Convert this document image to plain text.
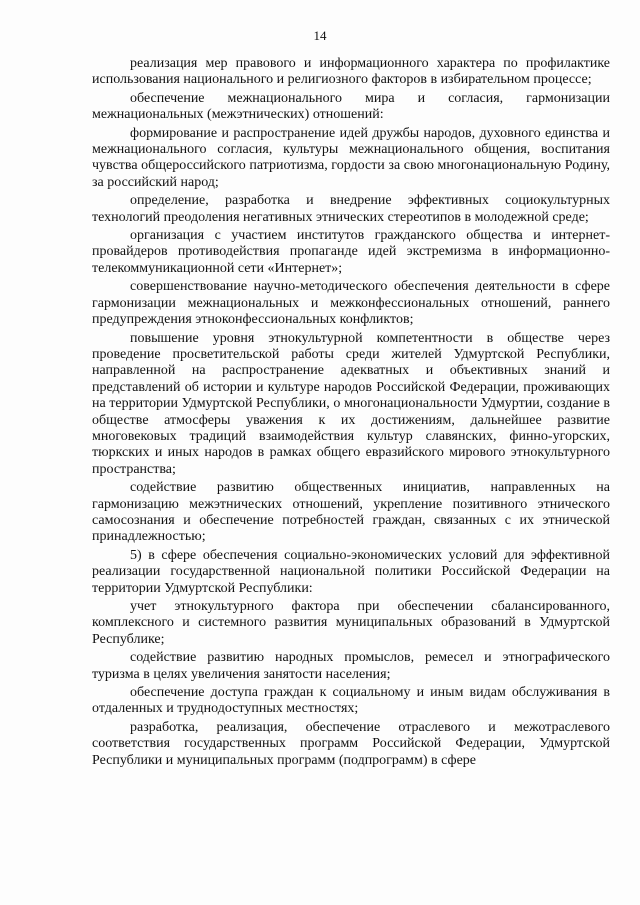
14

реализация мер правового и информационного характера по профилактике использования национального и религиозного факторов в избирательном процессе;

обеспечение межнационального мира и согласия, гармонизации межнациональных (межэтнических) отношений:

формирование и распространение идей дружбы народов, духовного единства и межнационального согласия, культуры межнационального общения, воспитания чувства общероссийского патриотизма, гордости за свою многонациональную Родину, за российский народ;

определение, разработка и внедрение эффективных социокультурных технологий преодоления негативных этнических стереотипов в молодежной среде;

организация с участием институтов гражданского общества и интернет-провайдеров противодействия пропаганде идей экстремизма в информационно-телекоммуникационной сети «Интернет»;

совершенствование научно-методического обеспечения деятельности в сфере гармонизации межнациональных и межконфессиональных отношений, раннего предупреждения этноконфессиональных конфликтов;

повышение уровня этнокультурной компетентности в обществе через проведение просветительской работы среди жителей Удмуртской Республики, направленной на распространение адекватных и объективных знаний и представлений об истории и культуре народов Российской Федерации, проживающих на территории Удмуртской Республики, о многонациональности Удмуртии, создание в обществе атмосферы уважения к их достижениям, дальнейшее развитие многовековых традиций взаимодействия культур славянских, финно-угорских, тюркских и иных народов в рамках общего евразийского мирового этнокультурного пространства;

содействие развитию общественных инициатив, направленных на гармонизацию межэтнических отношений, укрепление позитивного этнического самосознания и обеспечение потребностей граждан, связанных с их этнической принадлежностью;

5) в сфере обеспечения социально-экономических условий для эффективной реализации государственной национальной политики Российской Федерации на территории Удмуртской Республики:

учет этнокультурного фактора при обеспечении сбалансированного, комплексного и системного развития муниципальных образований в Удмуртской Республике;

содействие развитию народных промыслов, ремесел и этнографического туризма в целях увеличения занятости населения;

обеспечение доступа граждан к социальному и иным видам обслуживания в отдаленных и труднодоступных местностях;

разработка, реализация, обеспечение отраслевого и межотраслевого соответствия государственных программ Российской Федерации, Удмуртской Республики и муниципальных программ (подпрограмм) в сфере
